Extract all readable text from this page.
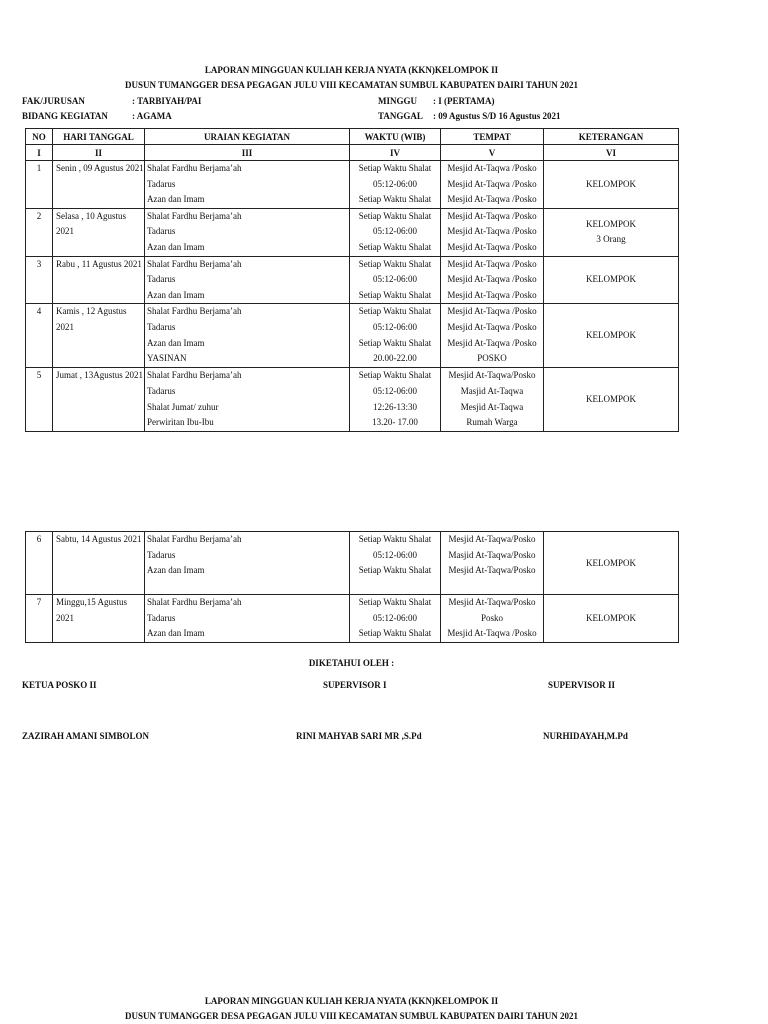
LAPORAN MINGGUAN KULIAH KERJA NYATA (KKN)KELOMPOK II
DUSUN TUMANGGER DESA PEGAGAN JULU VIII KECAMATAN SUMBUL KABUPATEN DAIRI TAHUN 2021
FAK/JURUSAN	: TARBIYAH/PAI	MINGGU : I (PERTAMA)
BIDANG KEGIATAN	: AGAMA	TANGGAL : 09 Agustus S/D 16 Agustus 2021
NO	HARI TANGGAL	URAIAN KEGIATAN	WAKTU (WIB)	TEMPAT	KETERANGAN
I	II	III	IV	V	VI
1	Senin , 09 Agustus 2021	Shalat Fardhu Berjama’ah
Tadarus
Azan dan Imam	Setiap Waktu Shalat
05:12-06:00
Setiap Waktu Shalat	Mesjid At-Taqwa /Posko
Mesjid At-Taqwa /Posko
Mesjid At-Taqwa /Posko	KELOMPOK

2	Selasa , 10 Agustus 2021	Shalat Fardhu Berjama’ah
Tadarus
Azan dan Imam	Setiap Waktu Shalat
05:12-06:00
Setiap Waktu Shalat	Mesjid At-Taqwa /Posko
Mesjid At-Taqwa /Posko
Mesjid At-Taqwa /Posko	KELOMPOK
3 Orang

3	Rabu , 11 Agustus 2021	Shalat Fardhu Berjama’ah
Tadarus
Azan dan Imam	Setiap Waktu Shalat
05:12-06:00
Setiap Waktu Shalat	Mesjid At-Taqwa /Posko
Mesjid At-Taqwa /Posko
Mesjid At-Taqwa /Posko	KELOMPOK

4	Kamis , 12 Agustus 2021	Shalat Fardhu Berjama’ah
Tadarus
Azan dan Imam
YASINAN	Setiap Waktu Shalat
05:12-06:00
Setiap Waktu Shalat
20.00-22.00	Mesjid At-Taqwa /Posko
Mesjid At-Taqwa /Posko
Mesjid At-Taqwa /Posko
POSKO	KELOMPOK

5	Jumat , 13Agustus 2021	Shalat Fardhu Berjama’ah
Tadarus
Shalat Jumat/ zuhur
Perwiritan Ibu-Ibu	Setiap Waktu Shalat
05:12-06:00
12:26-13:30
13.20- 17.00	Mesjid At-Taqwa/Posko
Masjid At-Taqwa
Mesjid At-Taqwa
Rumah Warga	KELOMPOK
6	Sabtu, 14 Agustus 2021	Shalat Fardhu Berjama’ah
Tadarus
Azan dan Imam	Setiap Waktu Shalat
05:12-06:00
Setiap Waktu Shalat	Mesjid At-Taqwa/Posko
Masjid At-Taqwa/Posko
Mesjid At-Taqwa/Posko	KELOMPOK

7	Minggu,15 Agustus 2021	Shalat Fardhu Berjama’ah
Tadarus
Azan dan Imam	Setiap Waktu Shalat
05:12-06:00
Setiap Waktu Shalat	Mesjid At-Taqwa/Posko
Posko
Mesjid At-Taqwa /Posko	KELOMPOK
DIKETAHUI OLEH :
KETUA POSKO II	SUPERVISOR I	SUPERVISOR II
ZAZIRAH AMANI SIMBOLON	RINI MAHYAB SARI MR ,S.Pd	NURHIDAYAH,M.Pd
LAPORAN MINGGUAN KULIAH KERJA NYATA (KKN)KELOMPOK II
DUSUN TUMANGGER DESA PEGAGAN JULU VIII KECAMATAN SUMBUL KABUPATEN DAIRI TAHUN 2021
